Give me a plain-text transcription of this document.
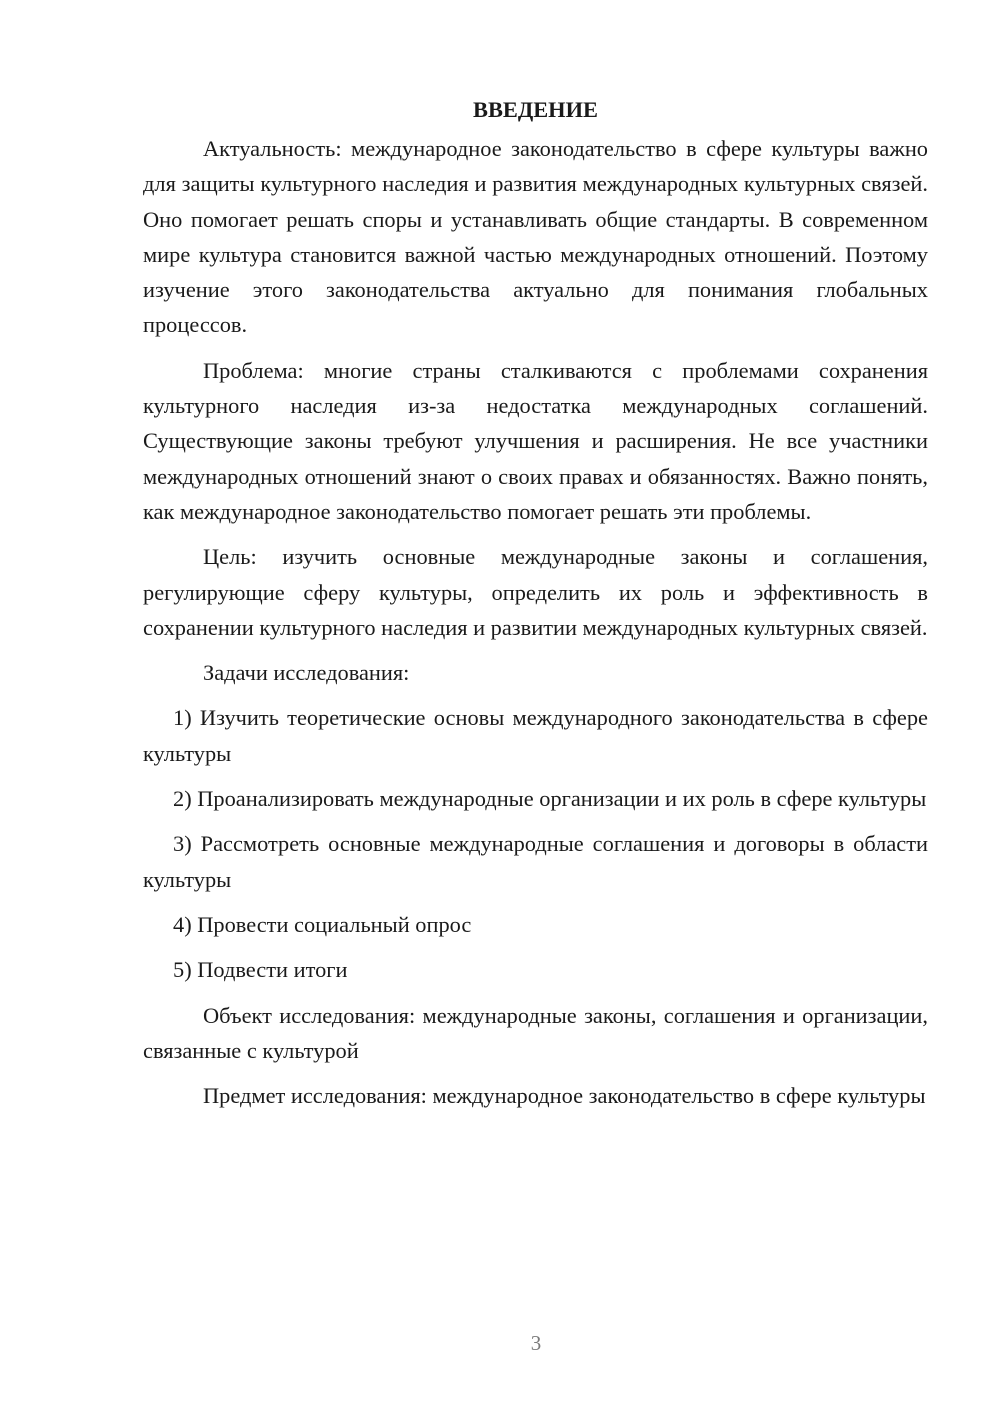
ВВЕДЕНИЕ

Актуальность: международное законодательство в сфере культуры важно для защиты культурного наследия и развития международных культурных связей. Оно помогает решать споры и устанавливать общие стандарты. В современном мире культура становится важной частью международных отношений. Поэтому изучение этого законодательства актуально для понимания глобальных процессов.

Проблема: многие страны сталкиваются с проблемами сохранения культурного наследия из-за недостатка международных соглашений. Существующие законы требуют улучшения и расширения. Не все участники международных отношений знают о своих правах и обязанностях. Важно понять, как международное законодательство помогает решать эти проблемы.

Цель: изучить основные международные законы и соглашения, регулирующие сферу культуры, определить их роль и эффективность в сохранении культурного наследия и развитии международных культурных связей.

Задачи исследования:

1) Изучить теоретические основы международного законодательства в сфере культуры

2) Проанализировать международные организации и их роль в сфере культуры

3) Рассмотреть основные международные соглашения и договоры в области культуры

4) Провести социальный опрос

5) Подвести итоги

Объект исследования: международные законы, соглашения и организации, связанные с культурой

Предмет исследования: международное законодательство в сфере культуры

3
